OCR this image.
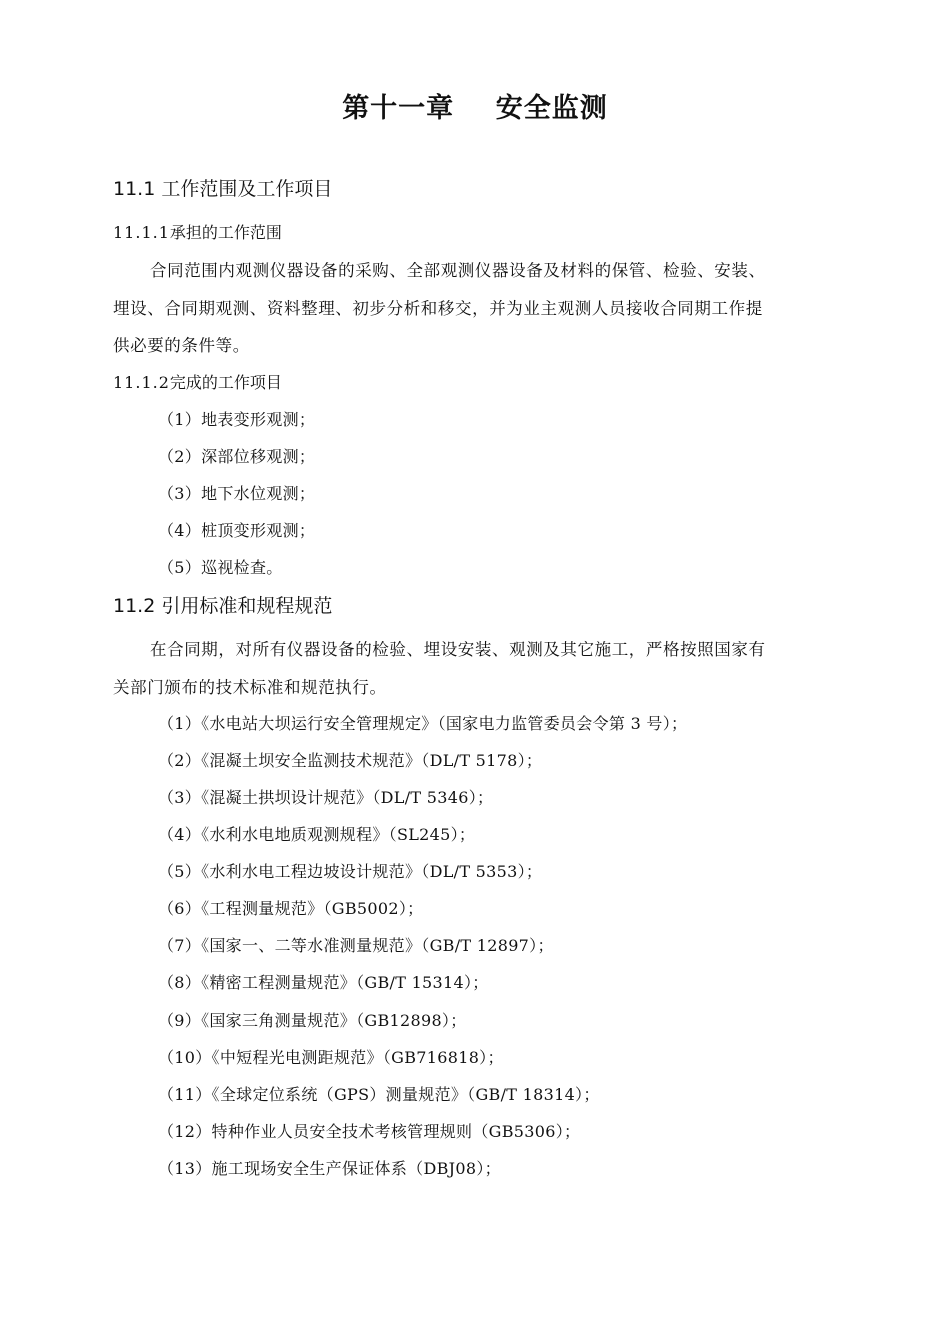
第十一章    安全监测
11.1 工作范围及工作项目
11.1.1承担的工作范围
合同范围内观测仪器设备的采购、全部观测仪器设备及材料的保管、检验、安装、
埋设、合同期观测、资料整理、初步分析和移交，并为业主观测人员接收合同期工作提
供必要的条件等。
11.1.2完成的工作项目
（1）地表变形观测；
（2）深部位移观测；
（3）地下水位观测；
（4）桩顶变形观测；
（5）巡视检查。
11.2 引用标准和规程规范
在合同期，对所有仪器设备的检验、埋设安装、观测及其它施工，严格按照国家有
关部门颁布的技术标准和规范执行。
（1）《水电站大坝运行安全管理规定》（国家电力监管委员会令第 3 号）；
（2）《混凝土坝安全监测技术规范》（DL/T 5178）；
（3）《混凝土拱坝设计规范》（DL/T 5346）；
（4）《水利水电地质观测规程》（SL245）；
（5）《水利水电工程边坡设计规范》（DL/T 5353）；
（6）《工程测量规范》（GB5002）；
（7）《国家一、二等水准测量规范》（GB/T 12897）；
（8）《精密工程测量规范》（GB/T 15314）；
（9）《国家三角测量规范》（GB12898）；
（10）《中短程光电测距规范》（GB716818）；
（11）《全球定位系统（GPS）测量规范》（GB/T 18314）；
（12）特种作业人员安全技术考核管理规则（GB5306）；
（13）施工现场安全生产保证体系（DBJ08）；
